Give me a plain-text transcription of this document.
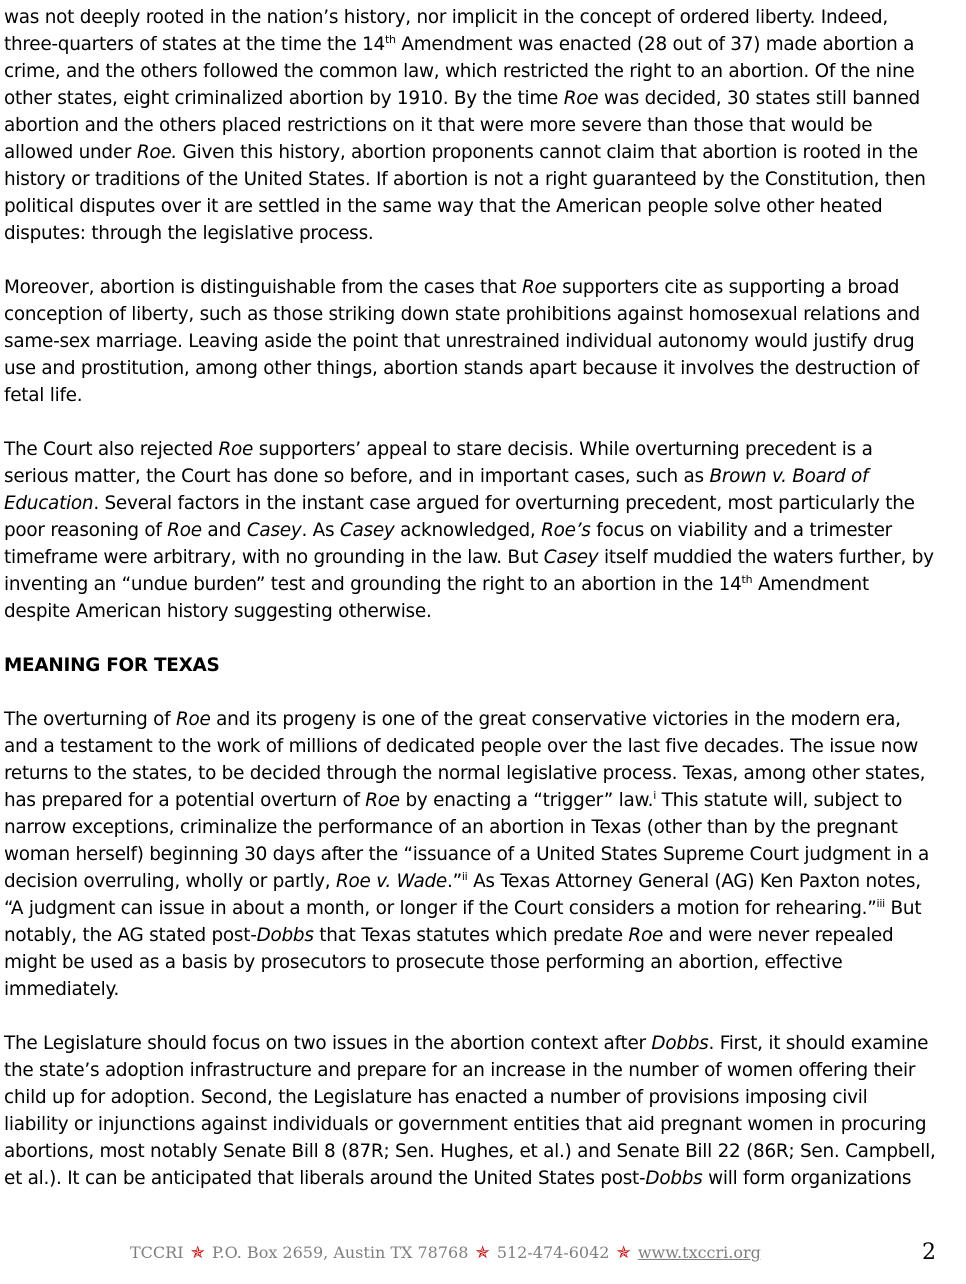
was not deeply rooted in the nation’s history, nor implicit in the concept of ordered liberty. Indeed, three-quarters of states at the time the 14th Amendment was enacted (28 out of 37) made abortion a crime, and the others followed the common law, which restricted the right to an abortion. Of the nine other states, eight criminalized abortion by 1910. By the time Roe was decided, 30 states still banned abortion and the others placed restrictions on it that were more severe than those that would be allowed under Roe. Given this history, abortion proponents cannot claim that abortion is rooted in the history or traditions of the United States. If abortion is not a right guaranteed by the Constitution, then political disputes over it are settled in the same way that the American people solve other heated disputes: through the legislative process.

Moreover, abortion is distinguishable from the cases that Roe supporters cite as supporting a broad conception of liberty, such as those striking down state prohibitions against homosexual relations and same-sex marriage. Leaving aside the point that unrestrained individual autonomy would justify drug use and prostitution, among other things, abortion stands apart because it involves the destruction of fetal life.

The Court also rejected Roe supporters’ appeal to stare decisis. While overturning precedent is a serious matter, the Court has done so before, and in important cases, such as Brown v. Board of Education. Several factors in the instant case argued for overturning precedent, most particularly the poor reasoning of Roe and Casey. As Casey acknowledged, Roe’s focus on viability and a trimester timeframe were arbitrary, with no grounding in the law. But Casey itself muddied the waters further, by inventing an “undue burden” test and grounding the right to an abortion in the 14th Amendment despite American history suggesting otherwise.

MEANING FOR TEXAS

The overturning of Roe and its progeny is one of the great conservative victories in the modern era, and a testament to the work of millions of dedicated people over the last five decades. The issue now returns to the states, to be decided through the normal legislative process. Texas, among other states, has prepared for a potential overturn of Roe by enacting a “trigger” law.$^i$ This statute will, subject to narrow exceptions, criminalize the performance of an abortion in Texas (other than by the pregnant woman herself) beginning 30 days after the “issuance of a United States Supreme Court judgment in a decision overruling, wholly or partly, Roe v. Wade.”$^{ii}$ As Texas Attorney General (AG) Ken Paxton notes, “A judgment can issue in about a month, or longer if the Court considers a motion for rehearing.”$^{iii}$ But notably, the AG stated post-Dobbs that Texas statutes which predate Roe and were never repealed might be used as a basis by prosecutors to prosecute those performing an abortion, effective immediately.

The Legislature should focus on two issues in the abortion context after Dobbs. First, it should examine the state’s adoption infrastructure and prepare for an increase in the number of women offering their child up for adoption. Second, the Legislature has enacted a number of provisions imposing civil liability or injunctions against individuals or government entities that aid pregnant women in procuring abortions, most notably Senate Bill 8 (87R; Sen. Hughes, et al.) and Senate Bill 22 (86R; Sen. Campbell, et al.). It can be anticipated that liberals around the United States post-Dobbs will form organizations

TCCRI ✯ P.O. Box 2659, Austin TX 78768 ✯ 512-474-6042 ✯ www.txccri.org	2
